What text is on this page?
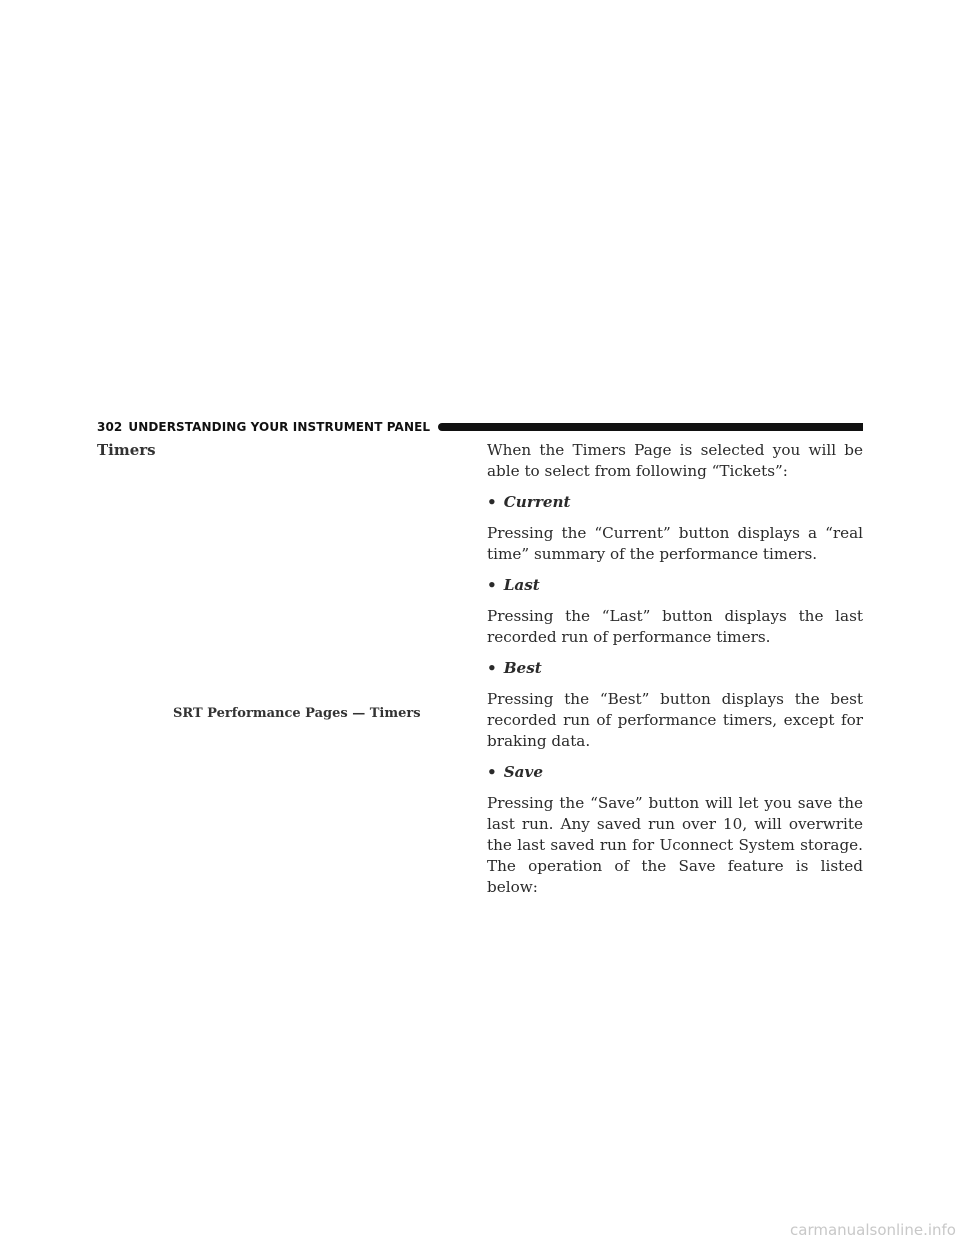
302 UNDERSTANDING YOUR INSTRUMENT PANEL
Timers
SRT Performance Pages — Timers

When the Timers Page is selected you will be able to select from following “Tickets”:

• Current

Pressing the “Current” button displays a “real time” summary of the performance timers.

• Last

Pressing the “Last” button displays the last recorded run of performance timers.

• Best

Pressing the “Best” button displays the best recorded run of performance timers, except for braking data.

• Save

Pressing the “Save” button will let you save the last run. Any saved run over 10, will overwrite the last saved run for Uconnect System storage. The operation of the Save feature is listed below:

carmanualsonline.info
